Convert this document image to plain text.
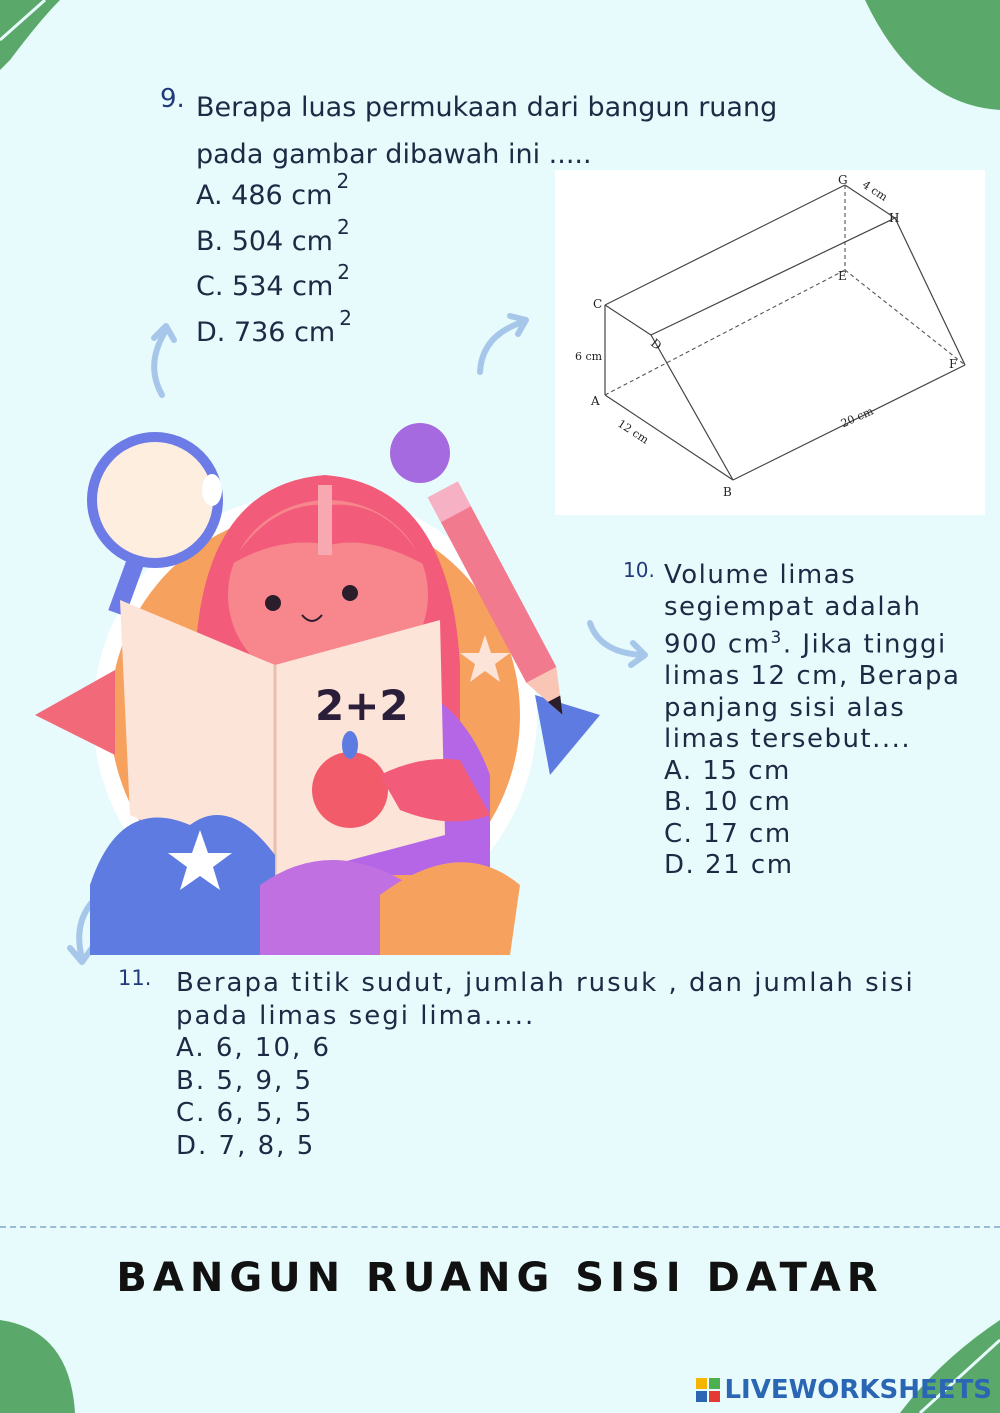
9. Berapa luas permukaan dari bangun ruang
pada gambar dibawah ini .....
A. 486 cm $^2$
B. 504 cm $^2$
C. 534 cm $^2$
D. 736 cm $^2$
C
D
A
B
G
H
E
F
6 cm
12 cm	20 cm
4 cm
2+2
10. Volume limas
segiempat adalah
900 $cm^3$. Jika tinggi
limas 12 cm, Berapa
panjang sisi alas
limas tersebut....
A. 15 cm
B. 10 cm
C. 17 cm
D. 21 cm
11. Berapa titik sudut, jumlah rusuk , dan jumlah sisi
pada limas segi lima.....
A. 6, 10, 6
B. 5, 9, 5
C. 6, 5, 5
D. 7, 8, 5
BANGUN RUANG SISI DATAR
LIVEWORKSHEETS
